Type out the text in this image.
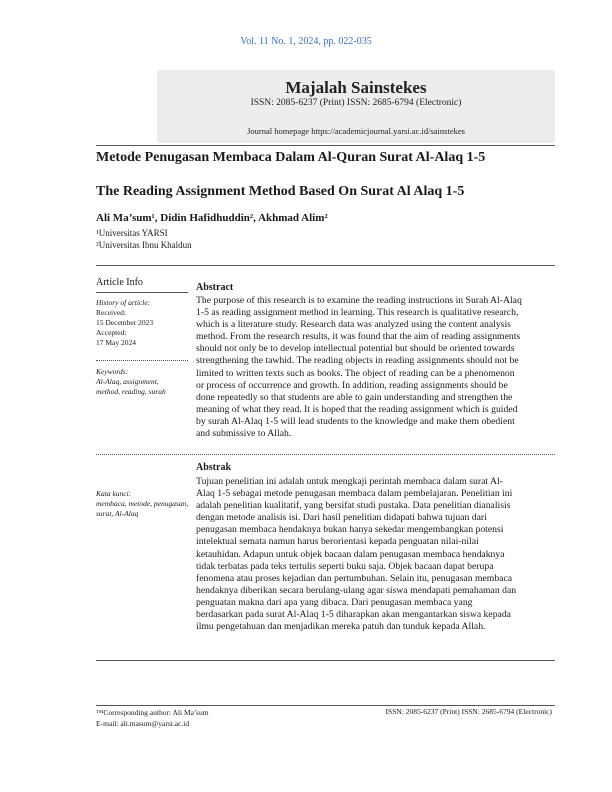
Vol. 11 No. 1, 2024, pp. 022-035
Majalah Sainstekes
ISSN: 2085-6237 (Print) ISSN: 2685-6794 (Electronic)
Journal homepage https://academicjournal.yarsi.ac.id/sainstekes
Metode Penugasan Membaca Dalam Al-Quran Surat Al-Alaq 1-5
The Reading Assignment Method Based On Surat Al Alaq 1-5
Ali Ma’sum¹, Didin Hafidhuddin², Akhmad Alim²
¹Universitas YARSI
²Universitas Ibnu Khaldun
Article Info
History of article:
Received:
15 December 2023
Accepted:
17 May 2024
Keywords:
Al-Alaq, assignment,
method, reading, surah
Kata kunci:
membaca, metode, penugasan,
surat, Al-Alaq
Abstract
The purpose of this research is to examine the reading instructions in Surah Al-Alaq
1-5 as reading assignment method in learning. This research is qualitative research,
which is a literature study. Research data was analyzed using the content analysis
method. From the research results, it was found that the aim of reading assignments
should not only be to develop intellectual potential but should be oriented towards
strengthening the tawhid. The reading objects in reading assignments should not be
limited to written texts such as books. The object of reading can be a phenomenon
or process of occurrence and growth. In addition, reading assignments should be
done repeatedly so that students are able to gain understanding and strengthen the
meaning of what they read. It is hoped that the reading assignment which is guided
by surah Al-Alaq 1-5 will lead students to the knowledge and make them obedient
and submissive to Allah.
Abstrak
Tujuan penelitian ini adalah untuk mengkaji perintah membaca dalam surat Al-
Alaq 1-5 sebagai metode penugasan membaca dalam pembelajaran. Penelitian ini
adalah penelitian kualitatif, yang bersifat studi pustaka. Data penelitian dianalisis
dengan metode analisis isi. Dari hasil penelitian didapati bahwa tujuan dari
penugasan membaca hendaknya bukan hanya sekedar mengembangkan potensi
intelektual semata namun harus berorientasi kepada penguatan nilai-nilai
ketauhidan. Adapun untuk objek bacaan dalam penugasan membaca hendaknya
tidak terbatas pada teks tertulis seperti buku saja. Objek bacaan dapat berupa
fenomena atau proses kejadian dan pertumbuhan. Selain itu, penugasan membaca
hendaknya diberikan secara berulang-ulang agar siswa mendapati pemahaman dan
penguatan makna dari apa yang dibaca. Dari penugasan membaca yang
berdasarkan pada surat Al-Alaq 1-5 diharapkan akan mengantarkan siswa kepada
ilmu pengetahuan dan menjadikan mereka patuh dan tunduk kepada Allah.
™Corresponding author: Ali Ma’sum
E-mail: ali.masum@yarsi.ac.id
ISSN: 2085-6237 (Print) ISSN: 2685-6794 (Electronic)
